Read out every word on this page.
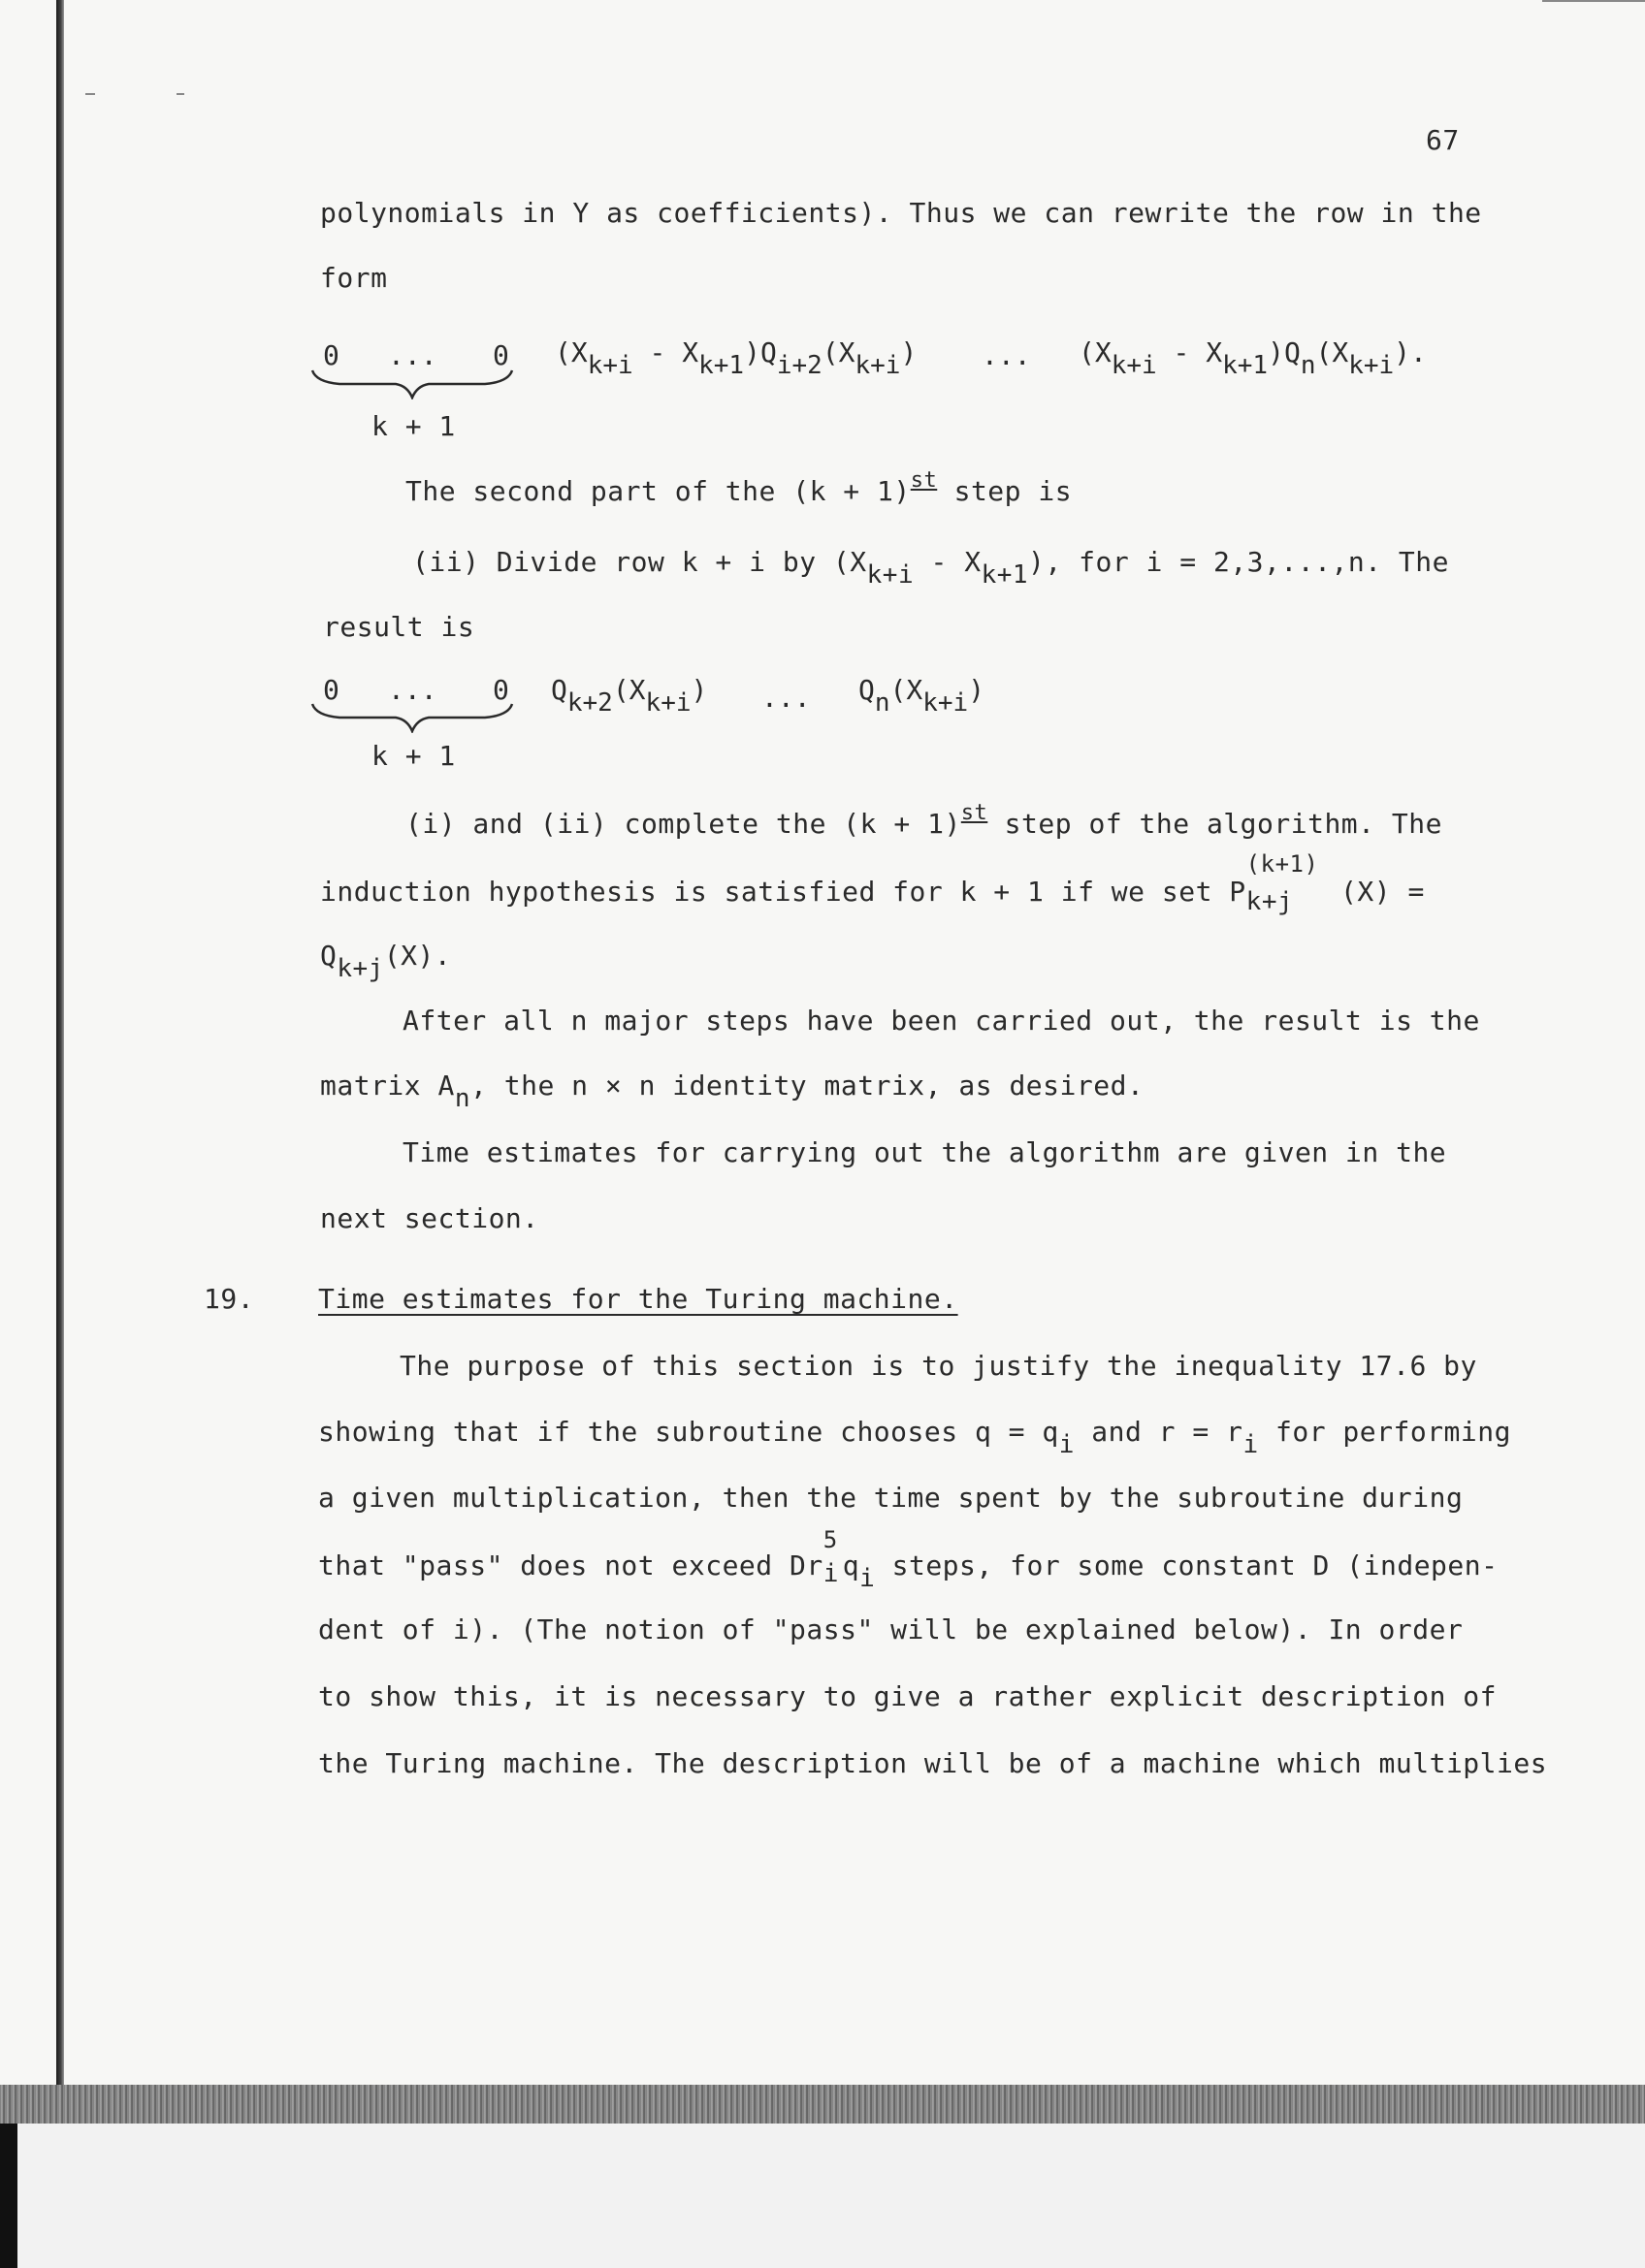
67
polynomials in Y as coefficients). Thus we can rewrite the row in the
form
0 ... 0
k + 1
(Xk+i - Xk+1)Qi+2(Xk+i) ... (Xk+i - Xk+1)Qn(Xk+i).
The second part of the $(k + 1)^{st}$ step is
(ii) Divide row k + i by (Xk+i - Xk+1), for i = 2,3,...,n. The
result is
0 ... 0
k + 1
Qk+2(Xk+i) ... Qn(Xk+i)
(i) and (ii) complete the $(k + 1)^{st}$ step of the algorithm. The
induction hypothesis is satisfied for k + 1 if we set P
(k+1)
k+j (X) =
Qk+j(X).
After all n major steps have been carried out, the result is the
matrix An, the n × n identity matrix, as desired.
Time estimates for carrying out the algorithm are given in the
next section.
19. Time estimates for the Turing machine.
The purpose of this section is to justify the inequality 17.6 by
showing that if the subroutine chooses q = qi and r = ri for performing
a given multiplication, then the time spent by the subroutine during
that "pass" does not exceed Dr
5
i qi steps, for some constant D (indepen-
dent of i). (The notion of "pass" will be explained below). In order
to show this, it is necessary to give a rather explicit description of
the Turing machine. The description will be of a machine which multiplies
